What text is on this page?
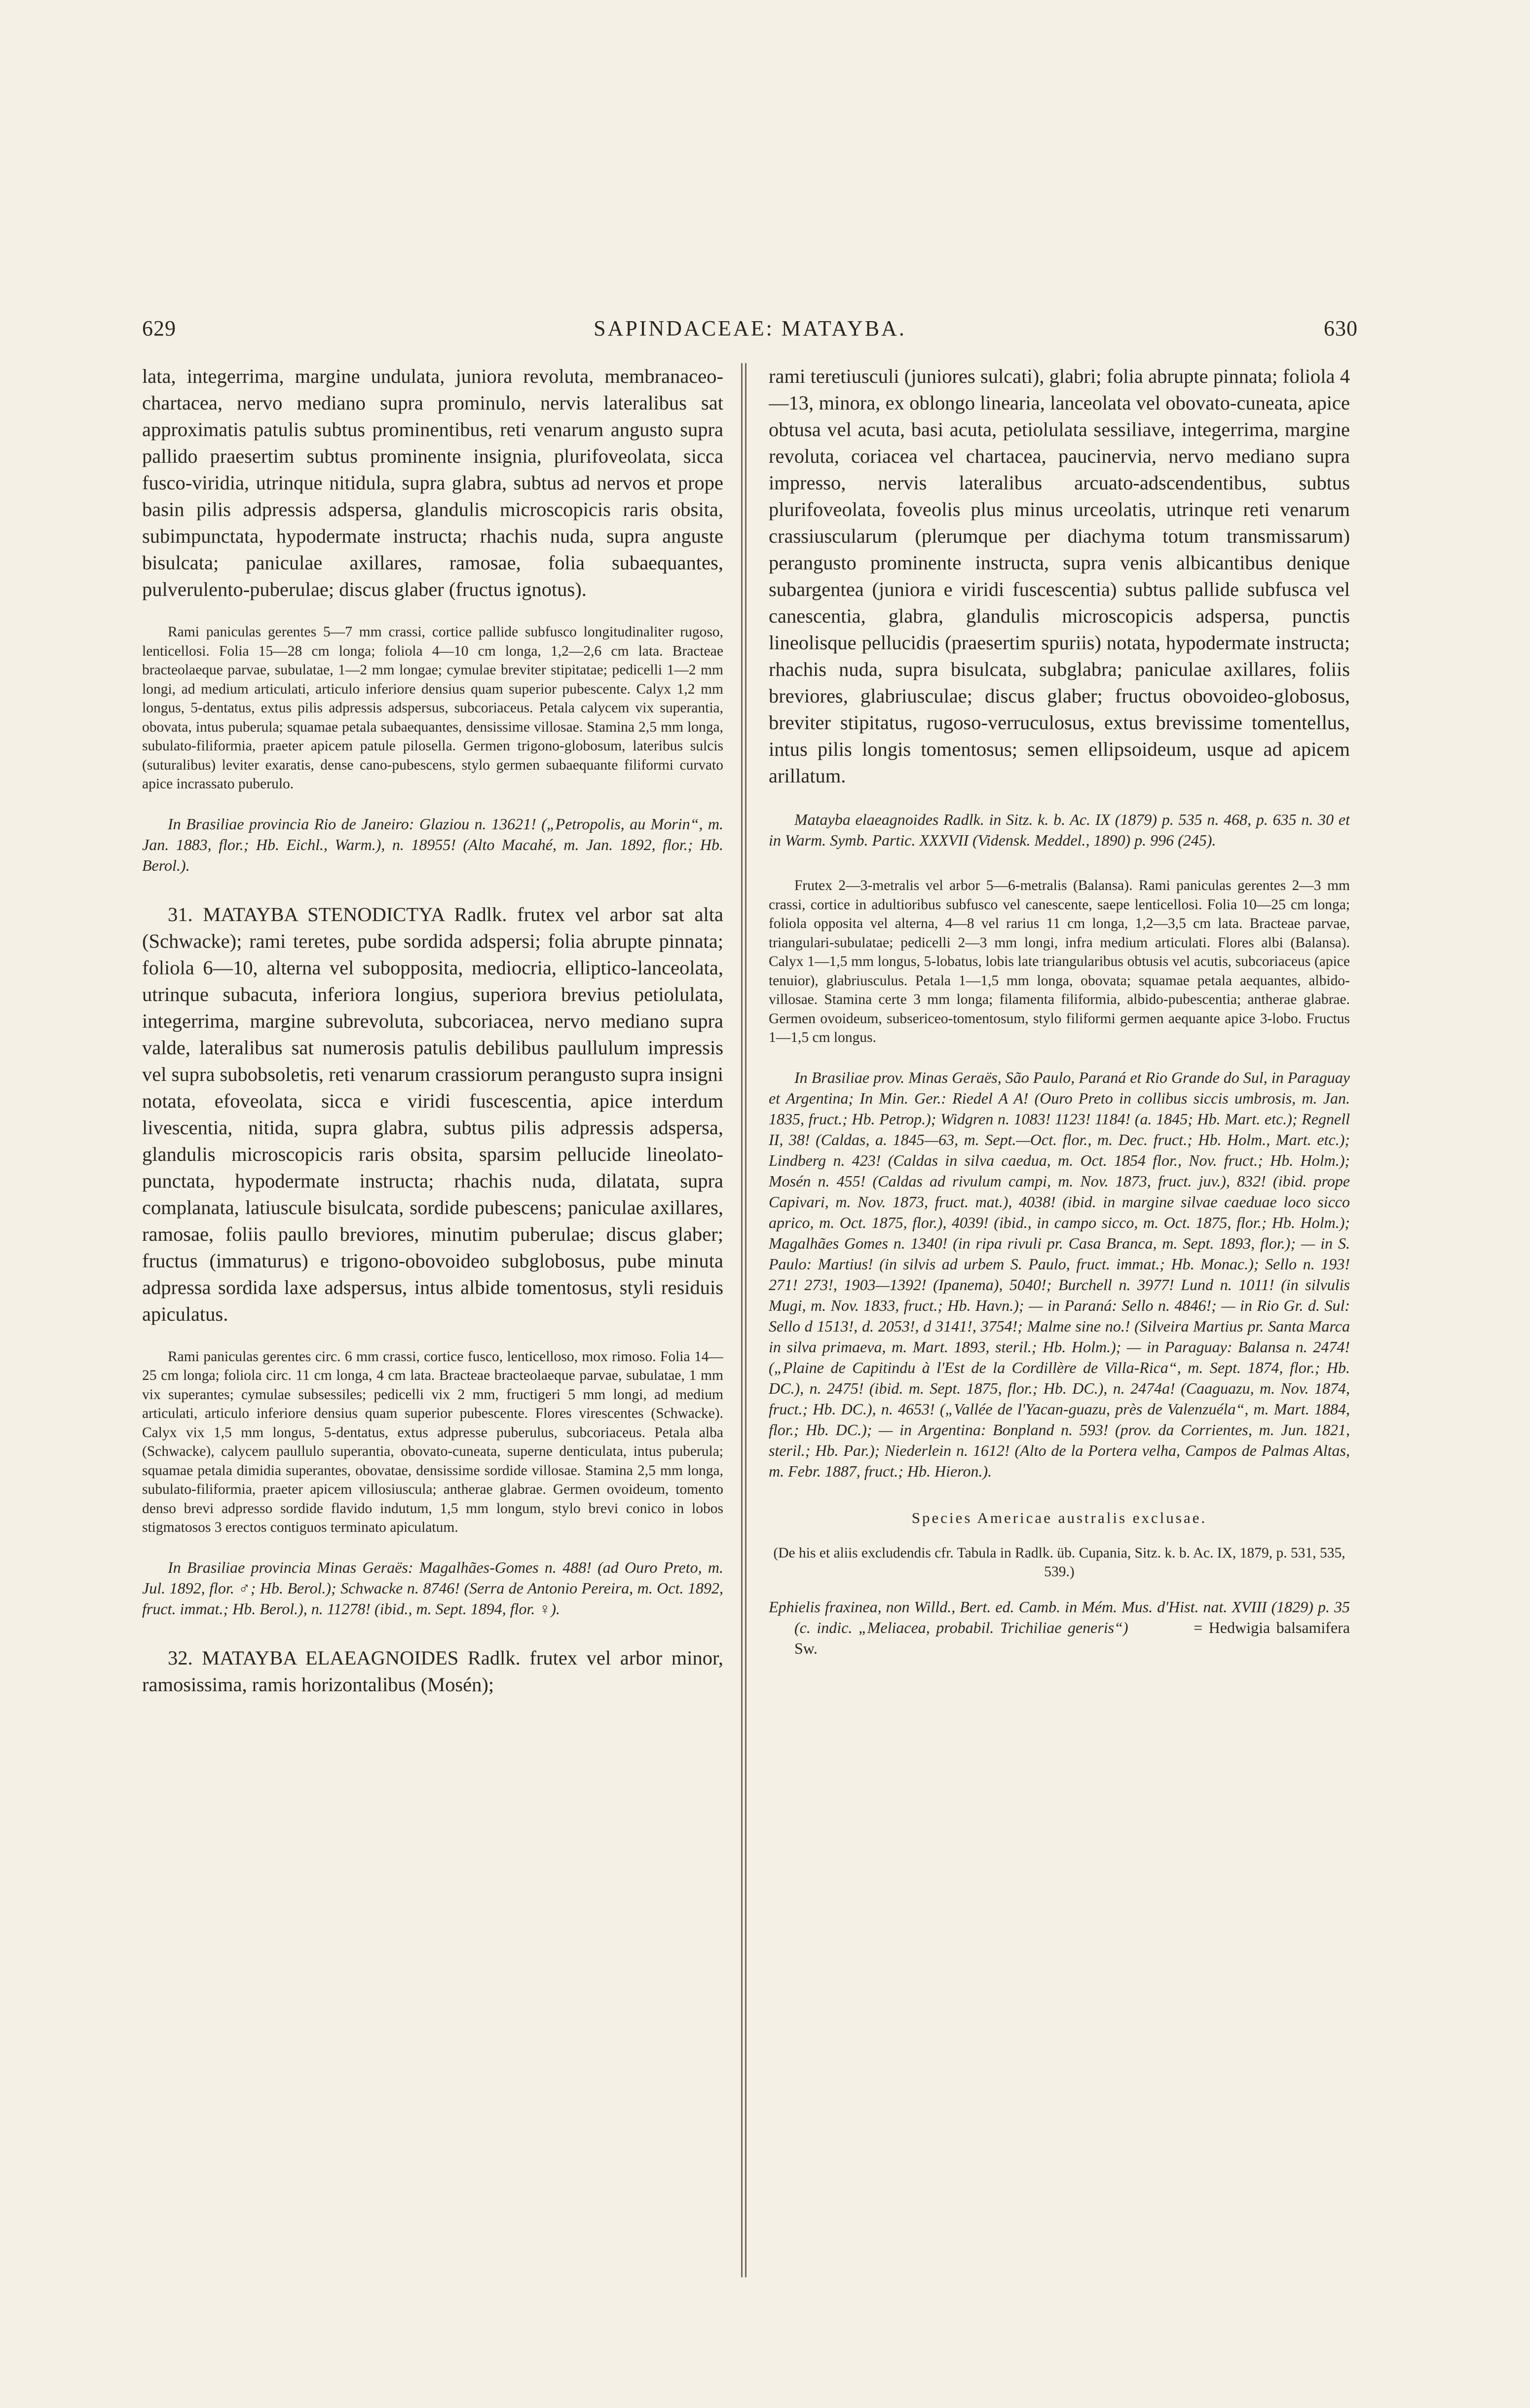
629	SAPINDACEAE: MATAYBA.	630

lata, integerrima, margine undulata, juniora revoluta, membranaceo-chartacea, nervo mediano supra prominulo, nervis lateralibus sat approximatis patulis subtus prominentibus, reti venarum angusto supra pallido praesertim subtus prominente insignia, plurifoveolata, sicca fusco-viridia, utrinque nitidula, supra glabra, subtus ad nervos et prope basin pilis adpressis adspersa, glandulis microscopicis raris obsita, subimpunctata, hypodermate instructa; rhachis nuda, supra anguste bisulcata; paniculae axillares, ramosae, folia subaequantes, pulverulento-puberulae; discus glaber (fructus ignotus).

Rami paniculas gerentes 5—7 mm crassi, cortice pallide subfusco longitudinaliter rugoso, lenticellosi. Folia 15—28 cm longa; foliola 4—10 cm longa, 1,2—2,6 cm lata. Bracteae bracteolaeque parvae, subulatae, 1—2 mm longae; cymulae breviter stipitatae; pedicelli 1—2 mm longi, ad medium articulati, articulo inferiore densius quam superior pubescente. Calyx 1,2 mm longus, 5-dentatus, extus pilis adpressis adspersus, subcoriaceus. Petala calycem vix superantia, obovata, intus puberula; squamae petala subaequantes, densissime villosae. Stamina 2,5 mm longa, subulato-filiformia, praeter apicem patule pilosella. Germen trigono-globosum, lateribus sulcis (suturalibus) leviter exaratis, dense cano-pubescens, stylo germen subaequante filiformi curvato apice incrassato puberulo.

In Brasiliae provincia Rio de Janeiro: Glaziou n. 13621! („Petropolis, au Morin“, m. Jan. 1883, flor.; Hb. Eichl., Warm.), n. 18955! (Alto Macahé, m. Jan. 1892, flor.; Hb. Berol.).

31. MATAYBA STENODICTYA Radlk. frutex vel arbor sat alta (Schwacke); rami teretes, pube sordida adspersi; folia abrupte pinnata; foliola 6—10, alterna vel subopposita, mediocria, elliptico-lanceolata, utrinque subacuta, inferiora longius, superiora brevius petiolulata, integerrima, margine subrevoluta, subcoriacea, nervo mediano supra valde, lateralibus sat numerosis patulis debilibus paullulum impressis vel supra subobsoletis, reti venarum crassiorum perangusto supra insigni notata, efoveolata, sicca e viridi fuscescentia, apice interdum livescentia, nitida, supra glabra, subtus pilis adpressis adspersa, glandulis microscopicis raris obsita, sparsim pellucide lineolato-punctata, hypodermate instructa; rhachis nuda, dilatata, supra complanata, latiuscule bisulcata, sordide pubescens; paniculae axillares, ramosae, foliis paullo breviores, minutim puberulae; discus glaber; fructus (immaturus) e trigono-obovoideo subglobosus, pube minuta adpressa sordida laxe adspersus, intus albide tomentosus, styli residuis apiculatus.

Rami paniculas gerentes circ. 6 mm crassi, cortice fusco, lenticelloso, mox rimoso. Folia 14—25 cm longa; foliola circ. 11 cm longa, 4 cm lata. Bracteae bracteolaeque parvae, subulatae, 1 mm vix superantes; cymulae subsessiles; pedicelli vix 2 mm, fructigeri 5 mm longi, ad medium articulati, articulo inferiore densius quam superior pubescente. Flores virescentes (Schwacke). Calyx vix 1,5 mm longus, 5-dentatus, extus adpresse puberulus, subcoriaceus. Petala alba (Schwacke), calycem paullulo superantia, obovato-cuneata, superne denticulata, intus puberula; squamae petala dimidia superantes, obovatae, densissime sordide villosae. Stamina 2,5 mm longa, subulato-filiformia, praeter apicem villosiuscula; antherae glabrae. Germen ovoideum, tomento denso brevi adpresso sordide flavido indutum, 1,5 mm longum, stylo brevi conico in lobos stigmatosos 3 erectos contiguos terminato apiculatum.

In Brasiliae provincia Minas Geraës: Magalhães-Gomes n. 488! (ad Ouro Preto, m. Jul. 1892, flor. ♂; Hb. Berol.); Schwacke n. 8746! (Serra de Antonio Pereira, m. Oct. 1892, fruct. immat.; Hb. Berol.), n. 11278! (ibid., m. Sept. 1894, flor. ♀).

32. MATAYBA ELAEAGNOIDES Radlk. frutex vel arbor minor, ramosissima, ramis horizontalibus (Mosén);

rami teretiusculi (juniores sulcati), glabri; folia abrupte pinnata; foliola 4—13, minora, ex oblongo linearia, lanceolata vel obovato-cuneata, apice obtusa vel acuta, basi acuta, petiolulata sessiliave, integerrima, margine revoluta, coriacea vel chartacea, paucinervia, nervo mediano supra impresso, nervis lateralibus arcuato-adscendentibus, subtus plurifoveolata, foveolis plus minus urceolatis, utrinque reti venarum crassiuscularum (plerumque per diachyma totum transmissarum) perangusto prominente instructa, supra venis albicantibus denique subargentea (juniora e viridi fuscescentia) subtus pallide subfusca vel canescentia, glabra, glandulis microscopicis adspersa, punctis lineolisque pellucidis (praesertim spuriis) notata, hypodermate instructa; rhachis nuda, supra bisulcata, subglabra; paniculae axillares, foliis breviores, glabriusculae; discus glaber; fructus obovoideo-globosus, breviter stipitatus, rugoso-verruculosus, extus brevissime tomentellus, intus pilis longis tomentosus; semen ellipsoideum, usque ad apicem arillatum.

Matayba elaeagnoides Radlk. in Sitz. k. b. Ac. IX (1879) p. 535 n. 468, p. 635 n. 30 et in Warm. Symb. Partic. XXXVII (Vidensk. Meddel., 1890) p. 996 (245).

Frutex 2—3-metralis vel arbor 5—6-metralis (Balansa). Rami paniculas gerentes 2—3 mm crassi, cortice in adultioribus subfusco vel canescente, saepe lenticellosi. Folia 10—25 cm longa; foliola opposita vel alterna, 4—8 vel rarius 11 cm longa, 1,2—3,5 cm lata. Bracteae parvae, triangulari-subulatae; pedicelli 2—3 mm longi, infra medium articulati. Flores albi (Balansa). Calyx 1—1,5 mm longus, 5-lobatus, lobis late triangularibus obtusis vel acutis, subcoriaceus (apice tenuior), glabriusculus. Petala 1—1,5 mm longa, obovata; squamae petala aequantes, albido-villosae. Stamina certe 3 mm longa; filamenta filiformia, albido-pubescentia; antherae glabrae. Germen ovoideum, subsericeo-tomentosum, stylo filiformi germen aequante apice 3-lobo. Fructus 1—1,5 cm longus.

In Brasiliae prov. Minas Geraës, São Paulo, Paraná et Rio Grande do Sul, in Paraguay et Argentina; In Min. Ger.: Riedel A A! (Ouro Preto in collibus siccis umbrosis, m. Jan. 1835, fruct.; Hb. Petrop.); Widgren n. 1083! 1123! 1184! (a. 1845; Hb. Mart. etc.); Regnell II, 38! (Caldas, a. 1845—63, m. Sept.—Oct. flor., m. Dec. fruct.; Hb. Holm., Mart. etc.); Lindberg n. 423! (Caldas in silva caedua, m. Oct. 1854 flor., Nov. fruct.; Hb. Holm.); Mosén n. 455! (Caldas ad rivulum campi, m. Nov. 1873, fruct. juv.), 832! (ibid. prope Capivari, m. Nov. 1873, fruct. mat.), 4038! (ibid. in margine silvae caeduae loco sicco aprico, m. Oct. 1875, flor.), 4039! (ibid., in campo sicco, m. Oct. 1875, flor.; Hb. Holm.); Magalhães Gomes n. 1340! (in ripa rivuli pr. Casa Branca, m. Sept. 1893, flor.); — in S. Paulo: Martius! (in silvis ad urbem S. Paulo, fruct. immat.; Hb. Monac.); Sello n. 193! 271! 273!, 1903—1392! (Ipanema), 5040!; Burchell n. 3977! Lund n. 1011! (in silvulis Mugi, m. Nov. 1833, fruct.; Hb. Havn.); — in Paraná: Sello n. 4846!; — in Rio Gr. d. Sul: Sello d 1513!, d. 2053!, d 3141!, 3754!; Malme sine no.! (Silveira Martius pr. Santa Marca in silva primaeva, m. Mart. 1893, steril.; Hb. Holm.); — in Paraguay: Balansa n. 2474! („Plaine de Capitindu à l'Est de la Cordillère de Villa-Rica“, m. Sept. 1874, flor.; Hb. DC.), n. 2475! (ibid. m. Sept. 1875, flor.; Hb. DC.), n. 2474a! (Caaguazu, m. Nov. 1874, fruct.; Hb. DC.), n. 4653! („Vallée de l'Yacan-guazu, près de Valenzuéla“, m. Mart. 1884, flor.; Hb. DC.); — in Argentina: Bonpland n. 593! (prov. da Corrientes, m. Jun. 1821, steril.; Hb. Par.); Niederlein n. 1612! (Alto de la Portera velha, Campos de Palmas Altas, m. Febr. 1887, fruct.; Hb. Hieron.).

Species Americae australis exclusae.

(De his et aliis excludendis cfr. Tabula in Radlk. üb. Cupania, Sitz. k. b. Ac. IX, 1879, p. 531, 535, 539.)

Ephielis fraxinea, non Willd., Bert. ed. Camb. in Mém. Mus. d'Hist. nat. XVIII (1829) p. 35 (c. indic. „Meliacea, probabil. Trichiliae generis“)	= Hedwigia balsamifera Sw.
